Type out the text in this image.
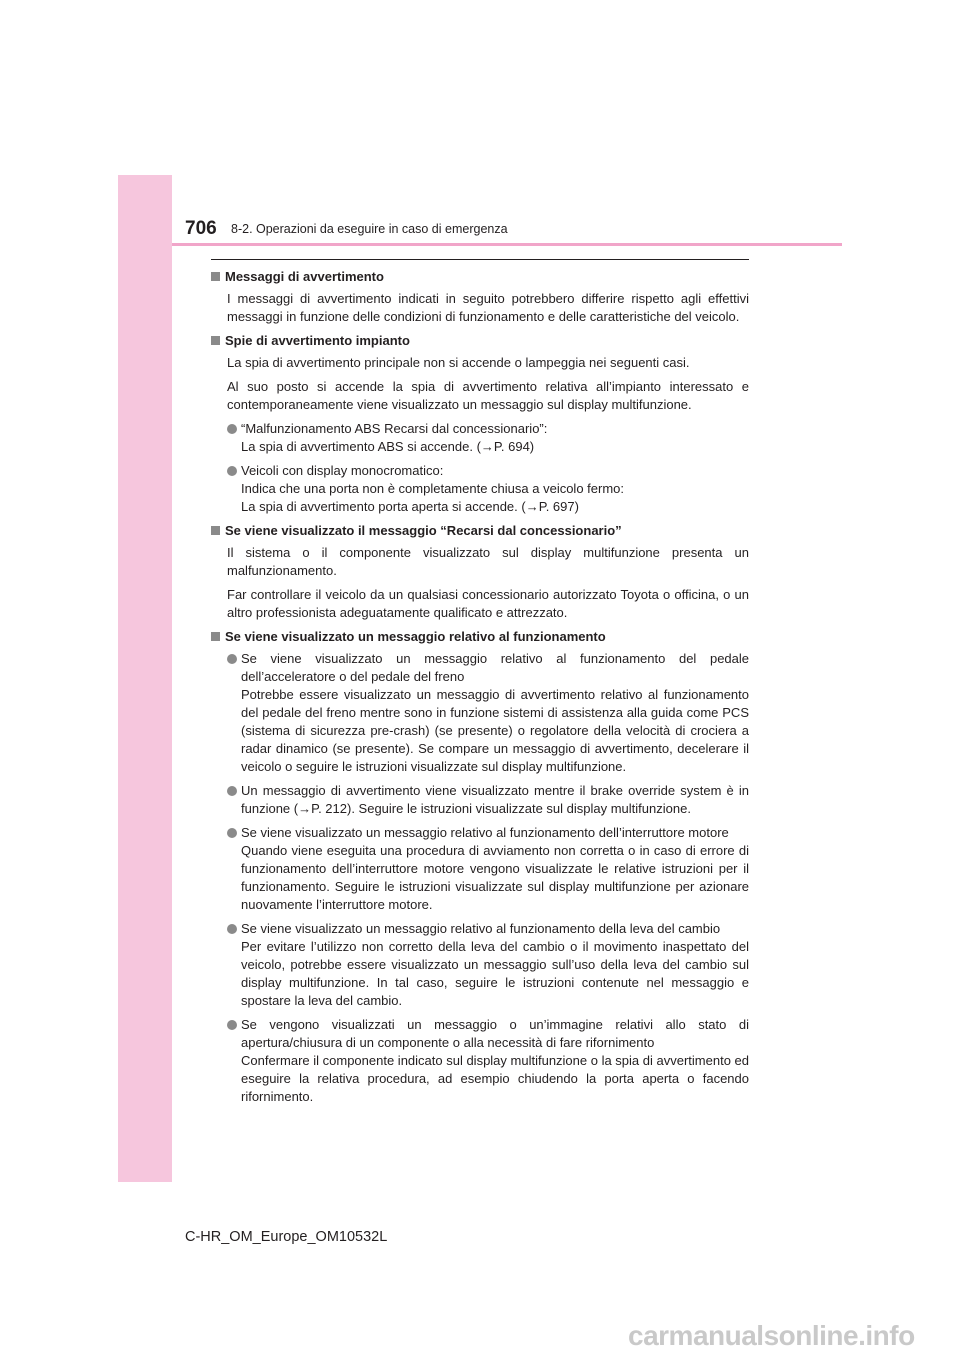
706 8-2. Operazioni da eseguire in caso di emergenza
Messaggi di avvertimento

I messaggi di avvertimento indicati in seguito potrebbero differire rispetto agli effettivi messaggi in funzione delle condizioni di funzionamento e delle caratteristiche del veicolo.

Spie di avvertimento impianto

La spia di avvertimento principale non si accende o lampeggia nei seguenti casi.

Al suo posto si accende la spia di avvertimento relativa all’impianto interessato e contemporaneamente viene visualizzato un messaggio sul display multifunzione.

“Malfunzionamento ABS Recarsi dal concessionario”:
La spia di avvertimento ABS si accende. (→P. 694)
Veicoli con display monocromatico:
Indica che una porta non è completamente chiusa a veicolo fermo:
La spia di avvertimento porta aperta si accende. (→P. 697)
Se viene visualizzato il messaggio “Recarsi dal concessionario”

Il sistema o il componente visualizzato sul display multifunzione presenta un malfunzionamento.

Far controllare il veicolo da un qualsiasi concessionario autorizzato Toyota o officina, o un altro professionista adeguatamente qualificato e attrezzato.

Se viene visualizzato un messaggio relativo al funzionamento
Se viene visualizzato un messaggio relativo al funzionamento del pedale dell’acceleratore o del pedale del freno
Potrebbe essere visualizzato un messaggio di avvertimento relativo al funzionamento del pedale del freno mentre sono in funzione sistemi di assistenza alla guida come PCS (sistema di sicurezza pre-crash) (se presente) o regolatore della velocità di crociera a radar dinamico (se presente). Se compare un messaggio di avvertimento, decelerare il veicolo o seguire le istruzioni visualizzate sul display multifunzione.
Un messaggio di avvertimento viene visualizzato mentre il brake override system è in funzione (→P. 212). Seguire le istruzioni visualizzate sul display multifunzione.
Se viene visualizzato un messaggio relativo al funzionamento dell’interruttore motore
Quando viene eseguita una procedura di avviamento non corretta o in caso di errore di funzionamento dell’interruttore motore vengono visualizzate le relative istruzioni per il funzionamento. Seguire le istruzioni visualizzate sul display multifunzione per azionare nuovamente l’interruttore motore.
Se viene visualizzato un messaggio relativo al funzionamento della leva del cambio
Per evitare l’utilizzo non corretto della leva del cambio o il movimento inaspettato del veicolo, potrebbe essere visualizzato un messaggio sull’uso della leva del cambio sul display multifunzione. In tal caso, seguire le istruzioni contenute nel messaggio e spostare la leva del cambio.
Se vengono visualizzati un messaggio o un’immagine relativi allo stato di apertura/chiusura di un componente o alla necessità di fare rifornimento
Confermare il componente indicato sul display multifunzione o la spia di avvertimento ed eseguire la relativa procedura, ad esempio chiudendo la porta aperta o facendo rifornimento.
C-HR_OM_Europe_OM10532L
carmanualsonline.info
